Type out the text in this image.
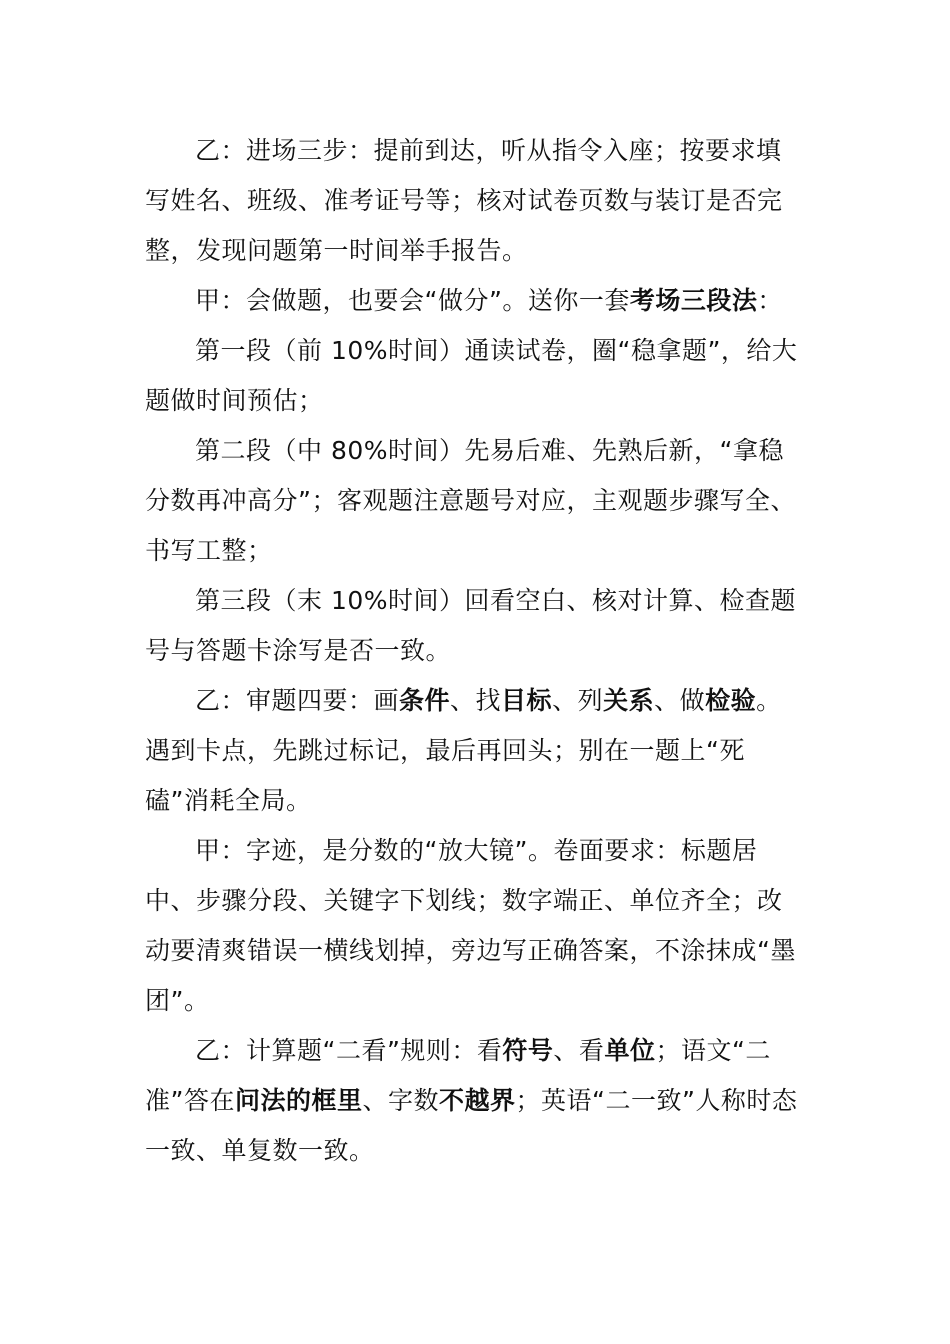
乙：进场三步：提前到达，听从指令入座；按要求填写姓名、班级、准考证号等；核对试卷页数与装订是否完整，发现问题第一时间举手报告。

甲：会做题，也要会“做分”。送你一套考场三段法：

第一段（前 10%时间）通读试卷，圈“稳拿题”，给大题做时间预估；

第二段（中 80%时间）先易后难、先熟后新，“拿稳分数再冲高分”；客观题注意题号对应，主观题步骤写全、书写工整；

第三段（末 10%时间）回看空白、核对计算、检查题号与答题卡涂写是否一致。

乙：审题四要：画条件、找目标、列关系、做检验。遇到卡点，先跳过标记，最后再回头；别在一题上“死磕”消耗全局。

甲：字迹，是分数的“放大镜”。卷面要求：标题居中、步骤分段、关键字下划线；数字端正、单位齐全；改动要清爽错误一横线划掉，旁边写正确答案，不涂抹成“墨团”。

乙：计算题“二看”规则：看符号、看单位；语文“二准”答在问法的框里、字数不越界；英语“二一致”人称时态一致、单复数一致。
